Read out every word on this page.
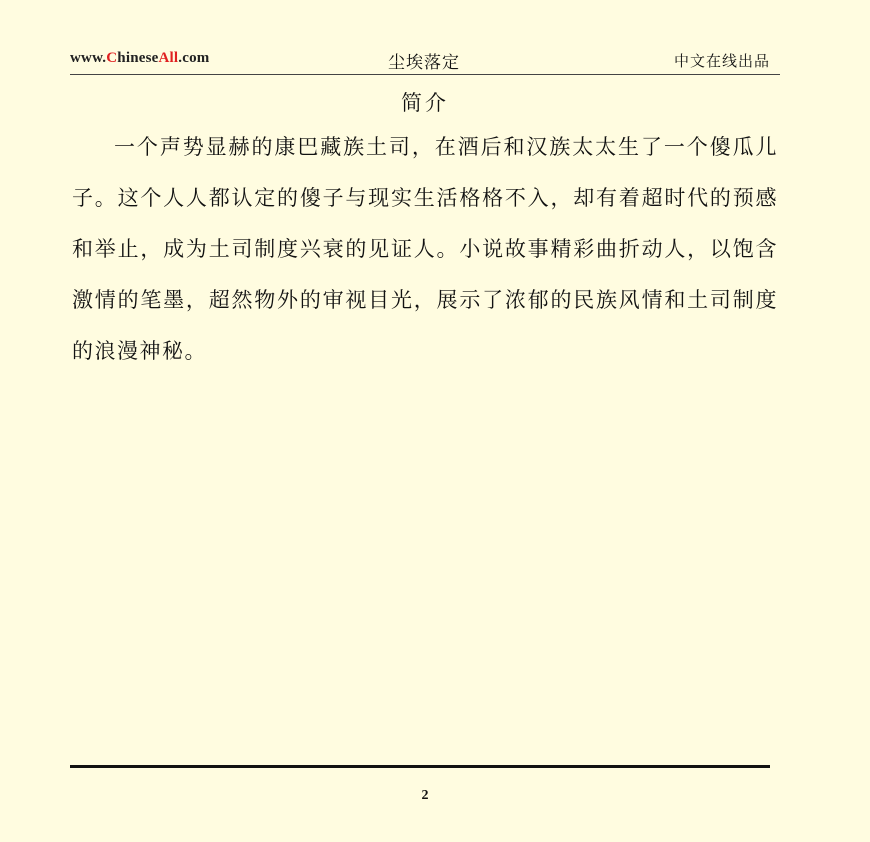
www.ChineseAll.com	尘埃落定	中文在线出品
简介

一个声势显赫的康巴藏族土司，在酒后和汉族太太生了一个傻瓜儿子。这个人人都认定的傻子与现实生活格格不入，却有着超时代的预感和举止，成为土司制度兴衰的见证人。小说故事精彩曲折动人，以饱含激情的笔墨，超然物外的审视目光，展示了浓郁的民族风情和土司制度的浪漫神秘。

2
